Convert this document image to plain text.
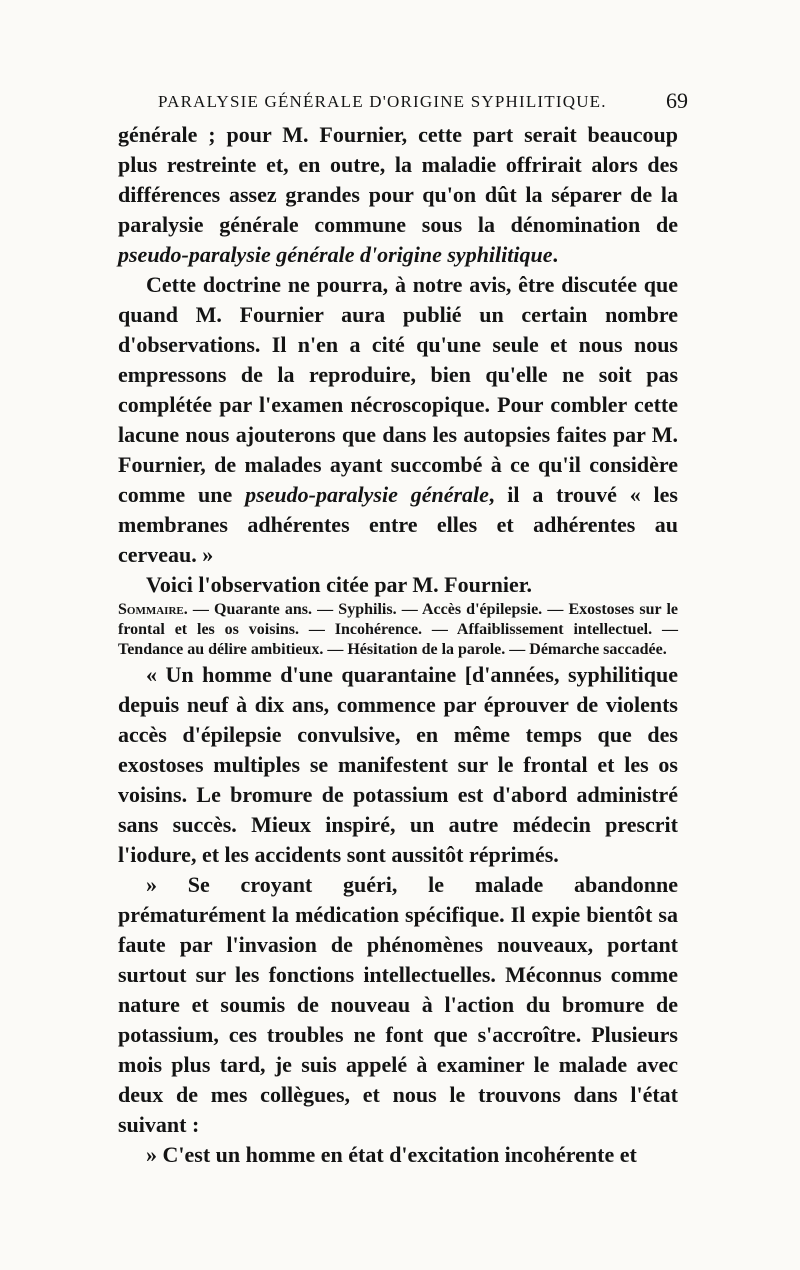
PARALYSIE GÉNÉRALE D'ORIGINE SYPHILITIQUE.	69

générale ; pour M. Fournier, cette part serait beaucoup plus restreinte et, en outre, la maladie offrirait alors des différences assez grandes pour qu'on dût la séparer de la paralysie générale commune sous la dénomination de pseudo-paralysie générale d'origine syphilitique.

Cette doctrine ne pourra, à notre avis, être discutée que quand M. Fournier aura publié un certain nombre d'observations. Il n'en a cité qu'une seule et nous nous empressons de la reproduire, bien qu'elle ne soit pas complétée par l'examen nécroscopique. Pour combler cette lacune nous ajouterons que dans les autopsies faites par M. Fournier, de malades ayant succombé à ce qu'il considère comme une pseudo-paralysie générale, il a trouvé « les membranes adhérentes entre elles et adhérentes au cerveau. »

Voici l'observation citée par M. Fournier.

Sommaire. — Quarante ans. — Syphilis. — Accès d'épilepsie. — Exostoses sur le frontal et les os voisins. — Incohérence. — Affaiblissement intellectuel. — Tendance au délire ambitieux. — Hésitation de la parole. — Démarche saccadée.

« Un homme d'une quarantaine [d'années, syphilitique depuis neuf à dix ans, commence par éprouver de violents accès d'épilepsie convulsive, en même temps que des exostoses multiples se manifestent sur le frontal et les os voisins. Le bromure de potassium est d'abord administré sans succès. Mieux inspiré, un autre médecin prescrit l'iodure, et les accidents sont aussitôt réprimés.

» Se croyant guéri, le malade abandonne prématurément la médication spécifique. Il expie bientôt sa faute par l'invasion de phénomènes nouveaux, portant surtout sur les fonctions intellectuelles. Méconnus comme nature et soumis de nouveau à l'action du bromure de potassium, ces troubles ne font que s'accroître. Plusieurs mois plus tard, je suis appelé à examiner le malade avec deux de mes collègues, et nous le trouvons dans l'état suivant :

» C'est un homme en état d'excitation incohérente et
